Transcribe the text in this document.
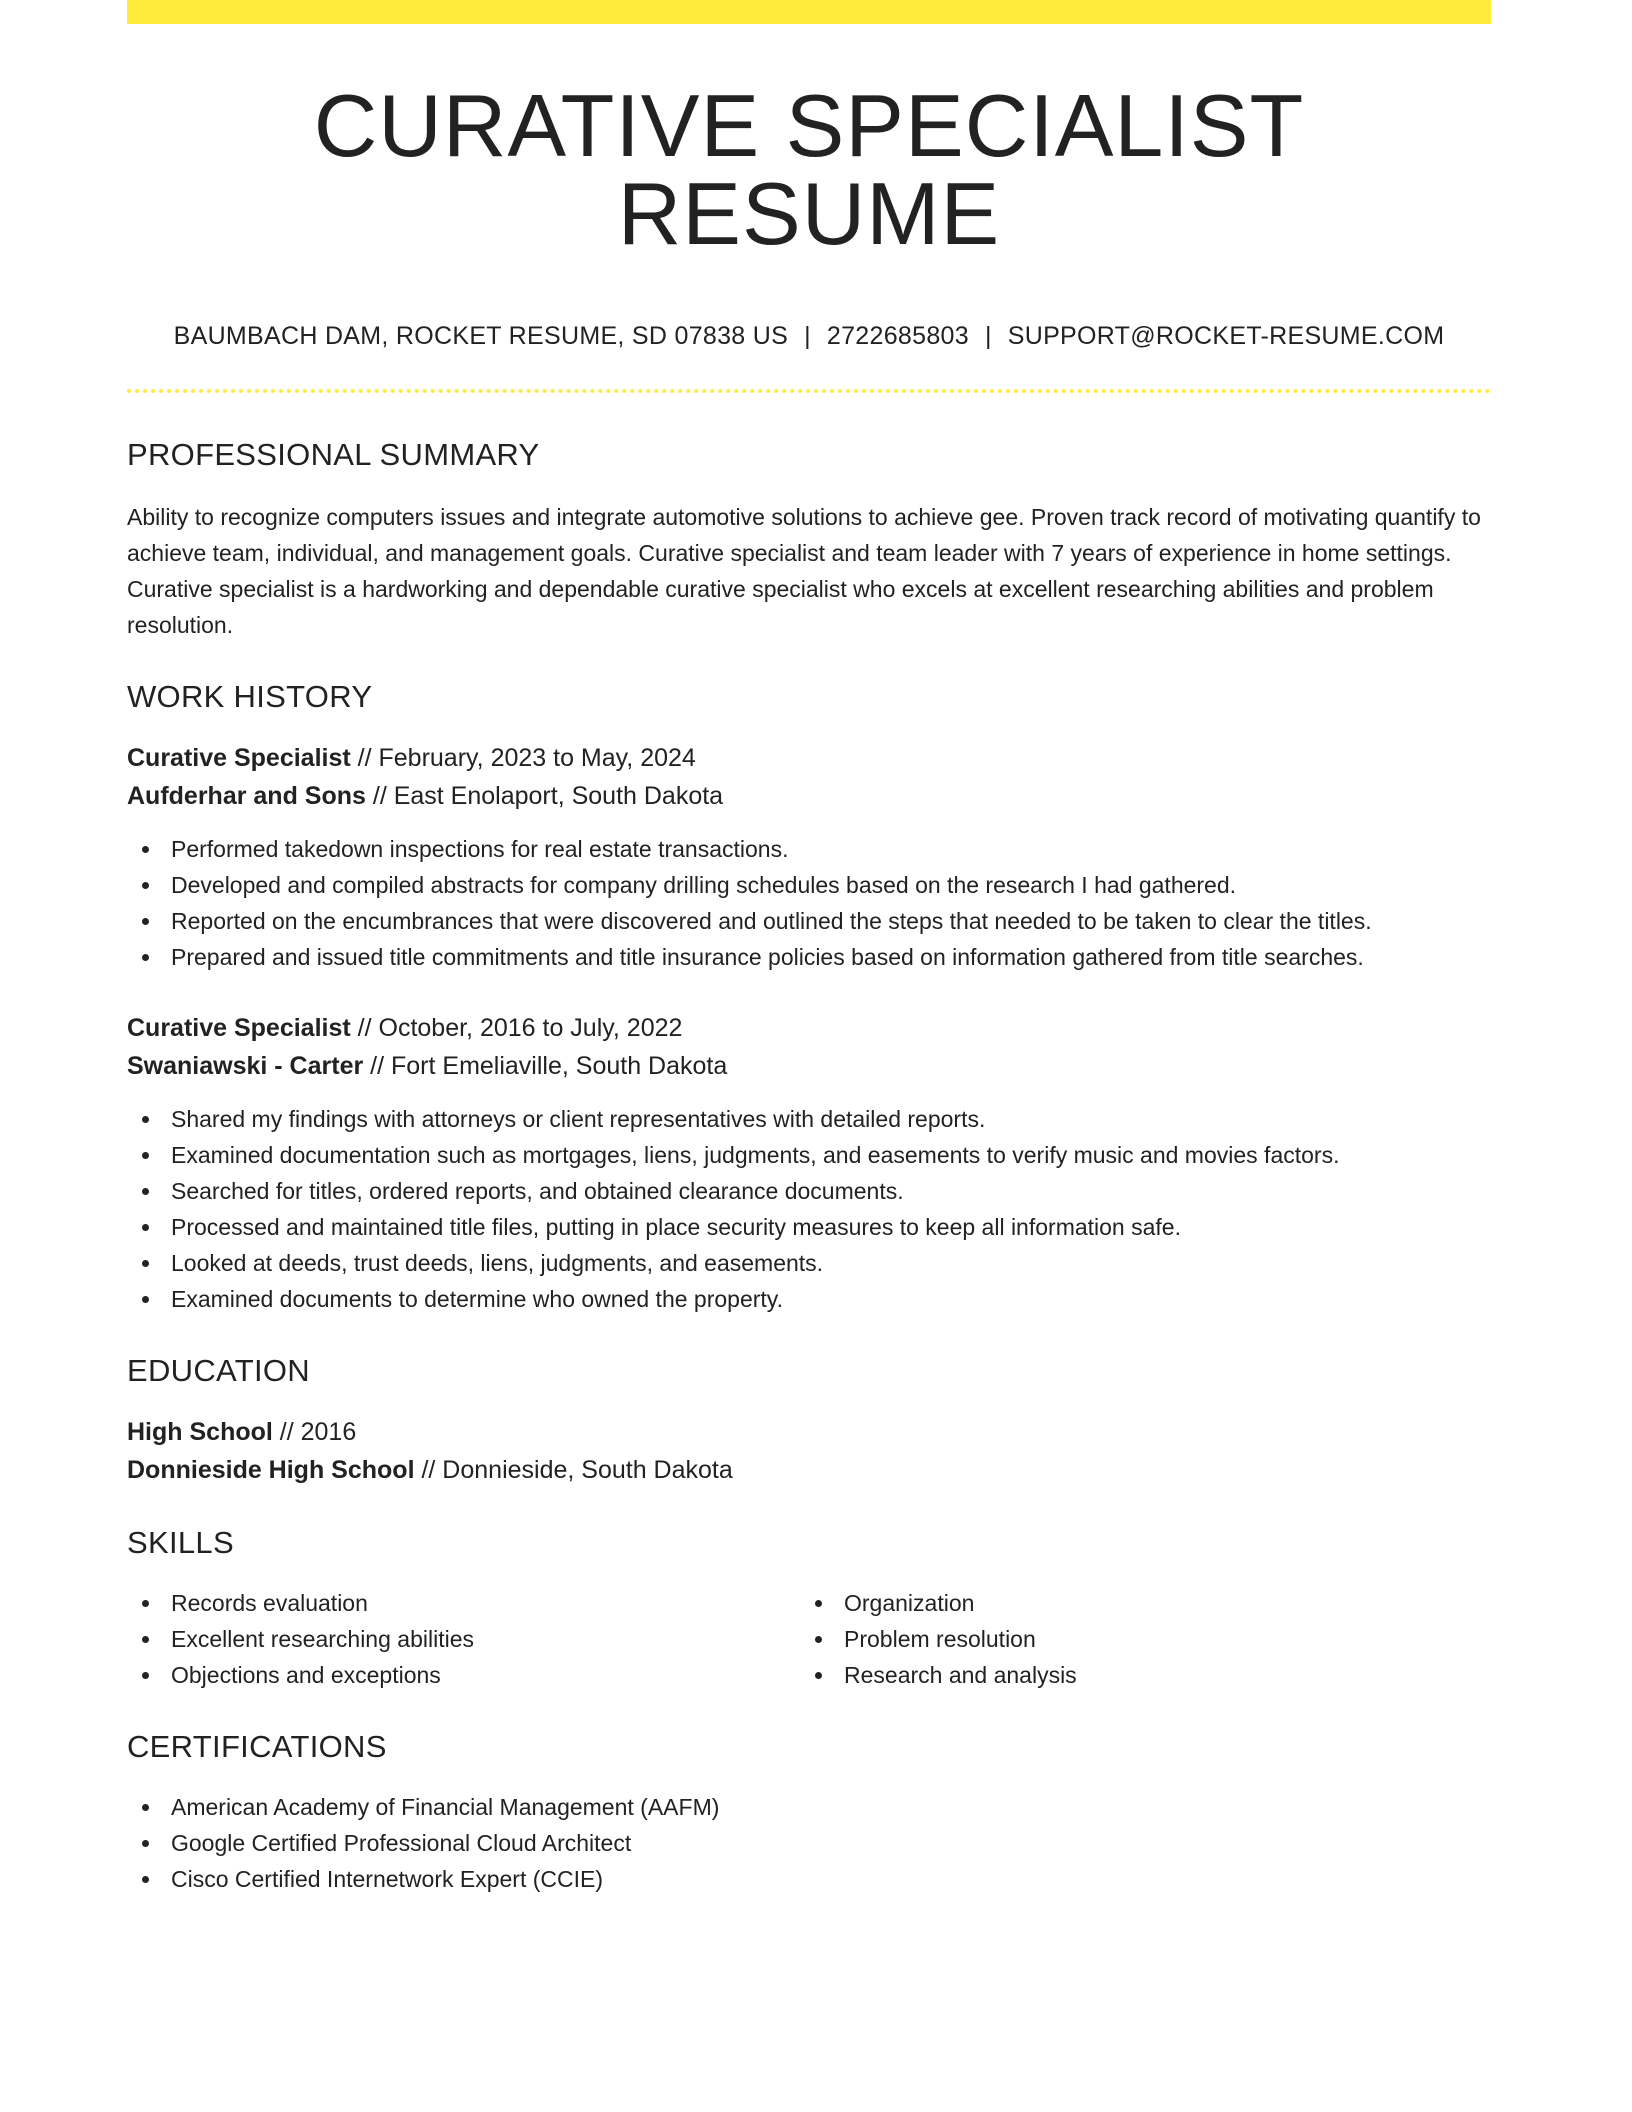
CURATIVE SPECIALIST RESUME
BAUMBACH DAM, ROCKET RESUME, SD 07838 US | 2722685803 | SUPPORT@ROCKET-RESUME.COM
PROFESSIONAL SUMMARY
Ability to recognize computers issues and integrate automotive solutions to achieve gee. Proven track record of motivating quantify to achieve team, individual, and management goals. Curative specialist and team leader with 7 years of experience in home settings. Curative specialist is a hardworking and dependable curative specialist who excels at excellent researching abilities and problem resolution.
WORK HISTORY
Curative Specialist // February, 2023 to May, 2024
Aufderhar and Sons // East Enolaport, South Dakota
Performed takedown inspections for real estate transactions.
Developed and compiled abstracts for company drilling schedules based on the research I had gathered.
Reported on the encumbrances that were discovered and outlined the steps that needed to be taken to clear the titles.
Prepared and issued title commitments and title insurance policies based on information gathered from title searches.
Curative Specialist // October, 2016 to July, 2022
Swaniawski - Carter // Fort Emeliaville, South Dakota
Shared my findings with attorneys or client representatives with detailed reports.
Examined documentation such as mortgages, liens, judgments, and easements to verify music and movies factors.
Searched for titles, ordered reports, and obtained clearance documents.
Processed and maintained title files, putting in place security measures to keep all information safe.
Looked at deeds, trust deeds, liens, judgments, and easements.
Examined documents to determine who owned the property.
EDUCATION
High School // 2016
Donnieside High School // Donnieside, South Dakota
SKILLS
Records evaluation
Excellent researching abilities
Objections and exceptions
Organization
Problem resolution
Research and analysis
CERTIFICATIONS
American Academy of Financial Management (AAFM)
Google Certified Professional Cloud Architect
Cisco Certified Internetwork Expert (CCIE)
